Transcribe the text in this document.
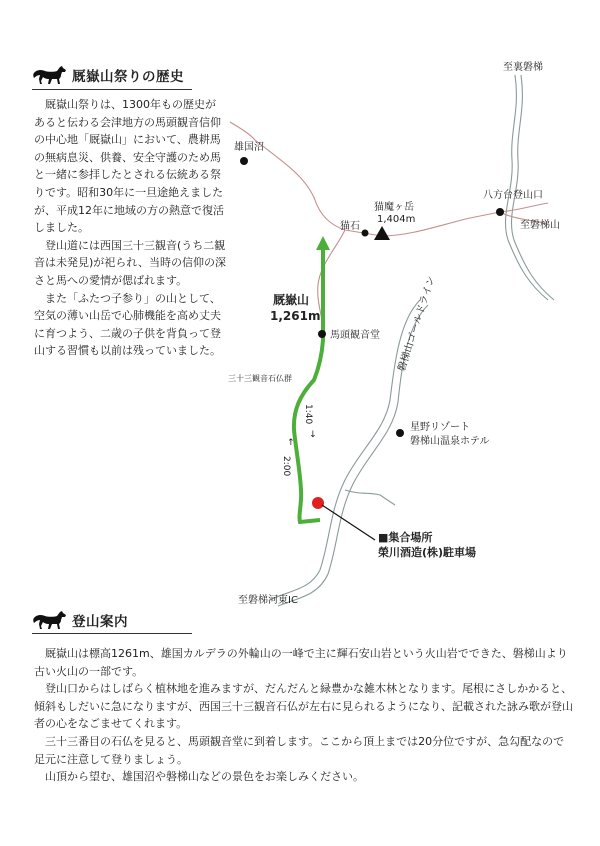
厩嶽山祭りの歴史

厩嶽山祭りは、1300年もの歴史があると伝わる会津地方の馬頭観音信仰の中心地「厩嶽山」において、農耕馬の無病息災、供養、安全守護のため馬と一緒に参拝したとされる伝統ある祭りです。昭和30年に一旦途絶えましたが、平成12年に地域の方の熱意で復活しました。

登山道には西国三十三観音(うち二観音は未発見)が祀られ、当時の信仰の深さと馬への愛情が偲ばれます。

また「ふたつ子参り」の山として、空気の薄い山岳で心肺機能を高め丈夫に育つよう、二歳の子供を背負って登山する習慣も以前は残っていました。

雄国沼
至裏磐梯
八方台登山口
至磐梯山
猫魔ヶ岳
1,404m
猫石
磐梯山ゴールドライン
厩嶽山
1,261m
馬頭観音堂
三十三観音石仏群
星野リゾート
磐梯山温泉ホテル
1:40
→
←
2:00
■集合場所
榮川酒造(株)駐車場
至磐梯河東IC
登山案内

厩嶽山は標高1261m、雄国カルデラの外輪山の一峰で主に輝石安山岩という火山岩でできた、磐梯山より古い火山の一部です。

登山口からはしばらく植林地を進みますが、だんだんと緑豊かな雑木林となります。尾根にさしかかると、傾斜もしだいに急になりますが、西国三十三観音石仏が左右に見られるようになり、記載された詠み歌が登山者の心をなごませてくれます。

三十三番目の石仏を見ると、馬頭観音堂に到着します。ここから頂上までは20分位ですが、急勾配なので足元に注意して登りましょう。

山頂から望む、雄国沼や磐梯山などの景色をお楽しみください。
